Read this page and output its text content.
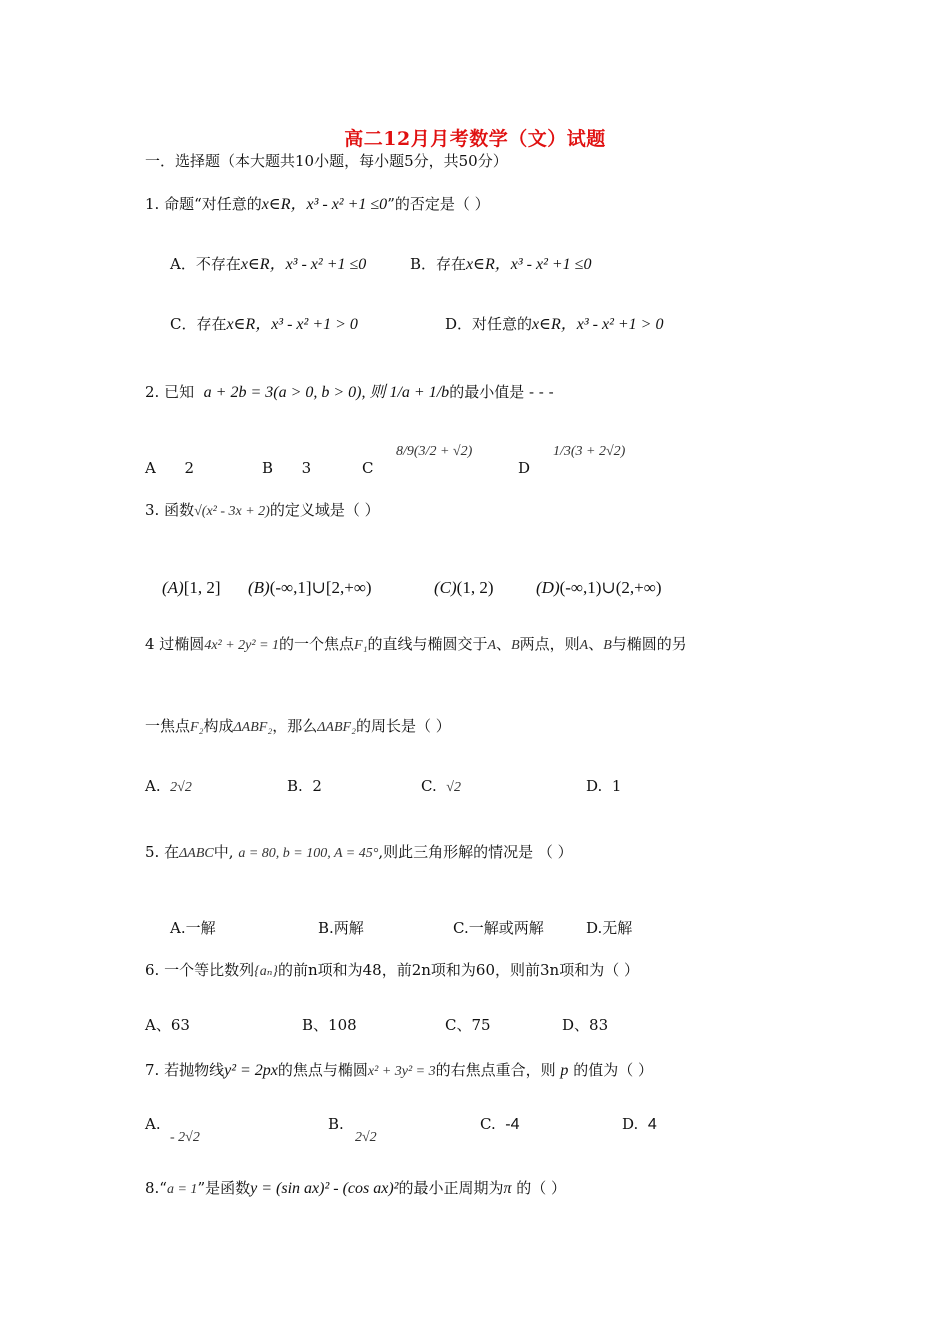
高二12月月考数学（文）试题
一．选择题（本大题共10小题，每小题5分，共50分）
1. 命题“对任意的x∈R，x³ - x² +1 ≤0”的否定是（ ）
A．不存在x∈R，x³ - x² +1 ≤0	B．存在x∈R，x³ - x² +1 ≤0
C．存在x∈R，x³ - x² +1 > 0	D．对任意的x∈R，x³ - x² +1 > 0
2. 已知 a + 2b = 3(a > 0, b > 0), 则 1/a + 1/b的最小值是 - - -
A 2	B 3	C
8/9(3/2 + √2)
D
1/3(3 + 2√2)
3. 函数√(x² - 3x + 2)的定义域是（ ）
(A)[1, 2] (B)(-∞,1]∪[2,+∞)	(C)(1, 2)	(D)(-∞,1)∪(2,+∞)
4 过椭圆4x² + 2y² = 1的一个焦点F₁的直线与椭圆交于A、B两点，则A、B与椭圆的另
一焦点F₂构成ΔABF₂，那么ΔABF₂的周长是（ ）
A. 2√2	B. 2	C. √2	D. 1
5. 在ΔABC中, a = 80, b = 100, A = 45°,则此三角形解的情况是 （ ）
A.一解	B.两解	C.一解或两解	D.无解
6. 一个等比数列{aₙ}的前n项和为48，前2n项和为60，则前3n项和为（ ）
A、63	B、108	C、75	D、83
7. 若抛物线y² = 2px的焦点与椭圆x² + 3y² = 3的右焦点重合，则 p 的值为（ ）
A.
- 2√2
B.
2√2
C. -4	D. 4
8.“a = 1”是函数y = (sin ax)² - (cos ax)²的最小正周期为π 的（ ）
